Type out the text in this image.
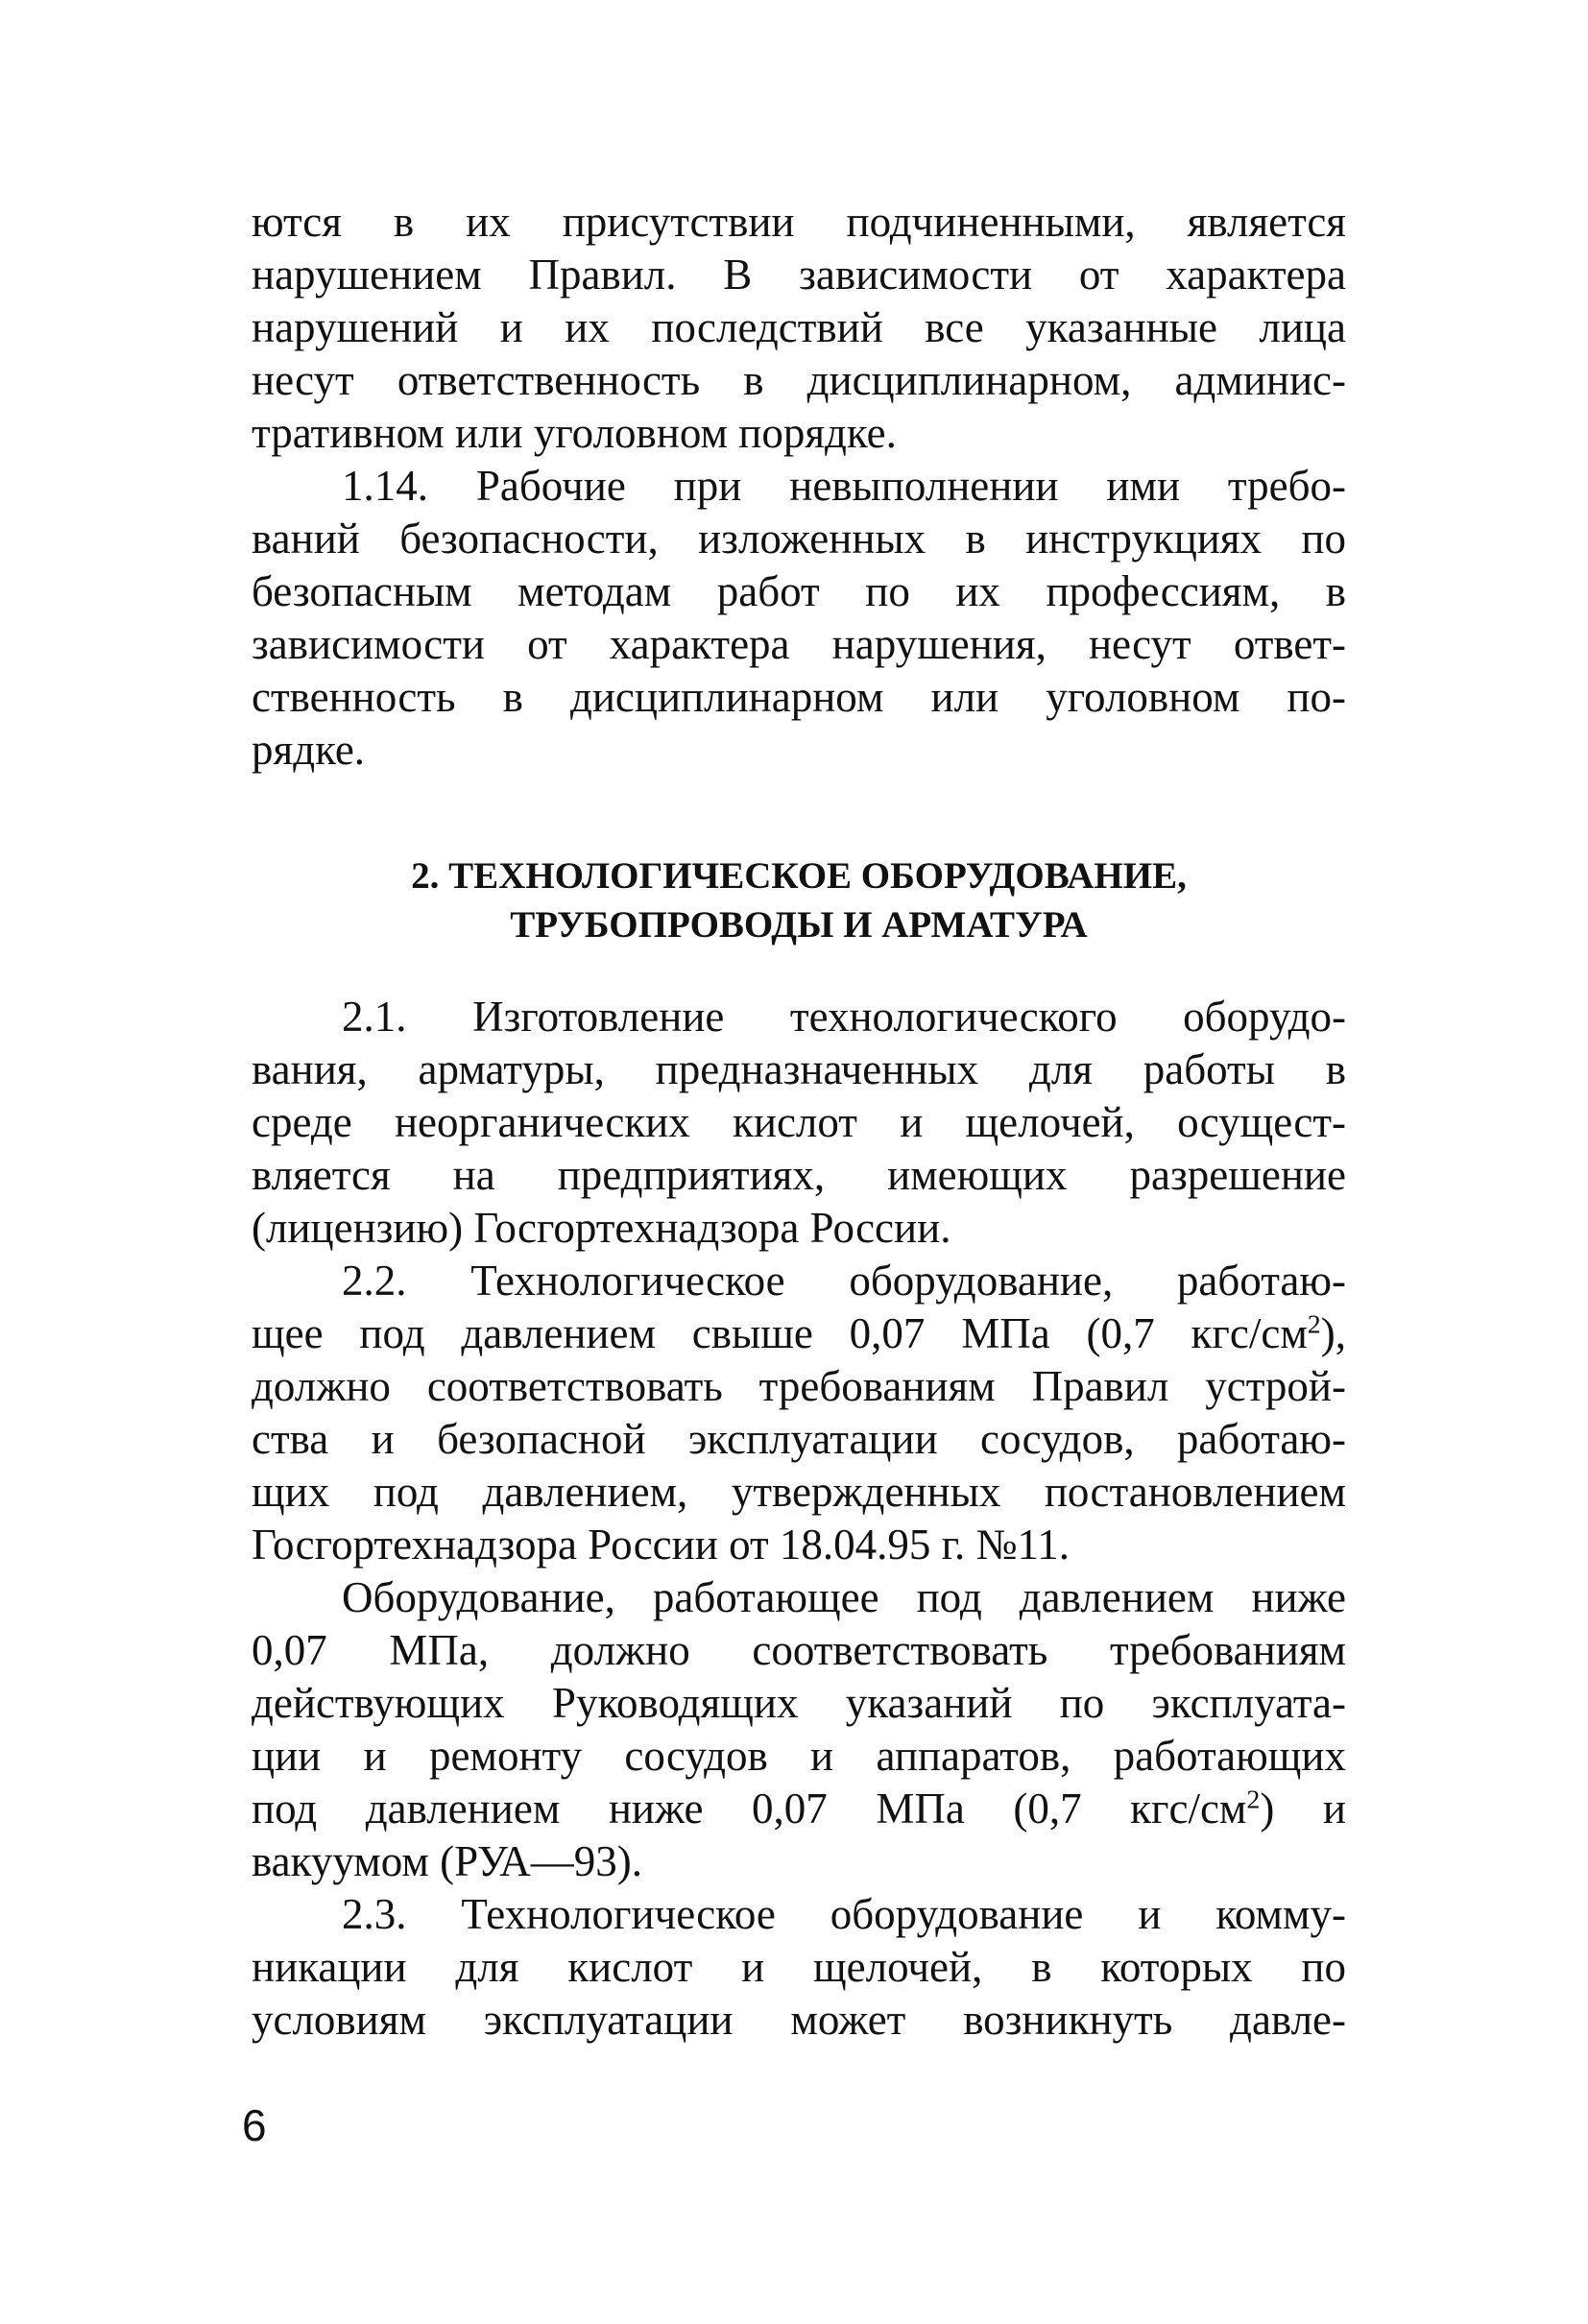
ются в их присутствии подчиненными, является
нарушением Правил. В зависимости от характера
нарушений и их последствий все указанные лица
несут ответственность в дисциплинарном, админис-
тративном или уголовном порядке.
1.14. Рабочие при невыполнении ими требо-
ваний безопасности, изложенных в инструкциях по
безопасным методам работ по их профессиям, в
зависимости от характера нарушения, несут ответ-
ственность в дисциплинарном или уголовном по-
рядке.
2. ТЕХНОЛОГИЧЕСКОЕ ОБОРУДОВАНИЕ,
ТРУБОПРОВОДЫ И АРМАТУРА
2.1. Изготовление технологического оборудо-
вания, арматуры, предназначенных для работы в
среде неорганических кислот и щелочей, осущест-
вляется на предприятиях, имеющих разрешение
(лицензию) Госгортехнадзора России.
2.2. Технологическое оборудование, работаю-
щее под давлением свыше 0,07 МПа (0,7 кгс/$см^2$),
должно соответствовать требованиям Правил устрой-
ства и безопасной эксплуатации сосудов, работаю-
щих под давлением, утвержденных постановлением
Госгортехнадзора России от 18.04.95 г. №11.
Оборудование, работающее под давлением ниже
0,07 МПа, должно соответствовать требованиям
действующих Руководящих указаний по эксплуата-
ции и ремонту сосудов и аппаратов, работающих
под давлением ниже 0,07 МПа (0,7 кгс/$см^2$) и
вакуумом (РУА—93).
2.3. Технологическое оборудование и комму-
никации для кислот и щелочей, в которых по
условиям эксплуатации может возникнуть давле-
6
